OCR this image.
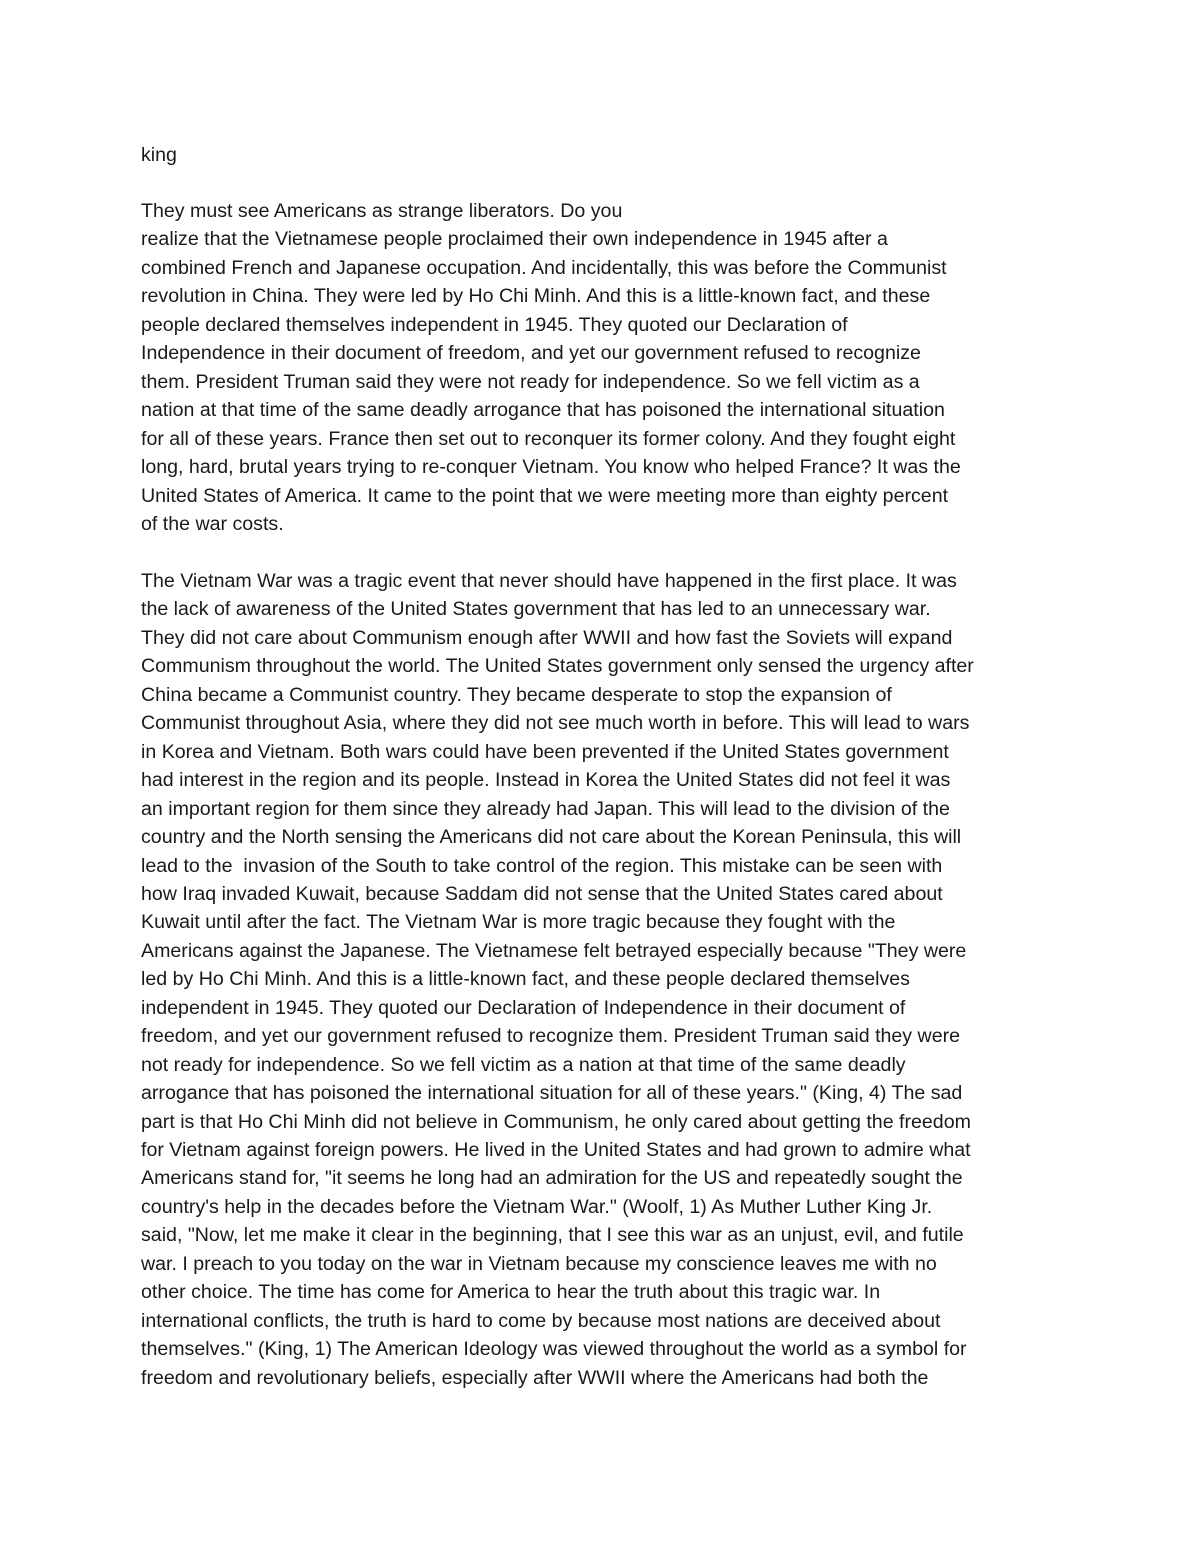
king
They must see Americans as strange liberators. Do you
realize that the Vietnamese people proclaimed their own independence in 1945 after a
combined French and Japanese occupation. And incidentally, this was before the Communist
revolution in China. They were led by Ho Chi Minh. And this is a little-known fact, and these
people declared themselves independent in 1945. They quoted our Declaration of
Independence in their document of freedom, and yet our government refused to recognize
them. President Truman said they were not ready for independence. So we fell victim as a
nation at that time of the same deadly arrogance that has poisoned the international situation
for all of these years. France then set out to reconquer its former colony. And they fought eight
long, hard, brutal years trying to re-conquer Vietnam. You know who helped France? It was the
United States of America. It came to the point that we were meeting more than eighty percent
of the war costs.
The Vietnam War was a tragic event that never should have happened in the first place. It was
the lack of awareness of the United States government that has led to an unnecessary war.
They did not care about Communism enough after WWII and how fast the Soviets will expand
Communism throughout the world. The United States government only sensed the urgency after
China became a Communist country. They became desperate to stop the expansion of
Communist throughout Asia, where they did not see much worth in before. This will lead to wars
in Korea and Vietnam. Both wars could have been prevented if the United States government
had interest in the region and its people. Instead in Korea the United States did not feel it was
an important region for them since they already had Japan. This will lead to the division of the
country and the North sensing the Americans did not care about the Korean Peninsula, this will
lead to the  invasion of the South to take control of the region. This mistake can be seen with
how Iraq invaded Kuwait, because Saddam did not sense that the United States cared about
Kuwait until after the fact. The Vietnam War is more tragic because they fought with the
Americans against the Japanese. The Vietnamese felt betrayed especially because "They were
led by Ho Chi Minh. And this is a little-known fact, and these people declared themselves
independent in 1945. They quoted our Declaration of Independence in their document of
freedom, and yet our government refused to recognize them. President Truman said they were
not ready for independence. So we fell victim as a nation at that time of the same deadly
arrogance that has poisoned the international situation for all of these years." (King, 4) The sad
part is that Ho Chi Minh did not believe in Communism, he only cared about getting the freedom
for Vietnam against foreign powers. He lived in the United States and had grown to admire what
Americans stand for, "it seems he long had an admiration for the US and repeatedly sought the
country's help in the decades before the Vietnam War." (Woolf, 1) As Muther Luther King Jr.
said, "Now, let me make it clear in the beginning, that I see this war as an unjust, evil, and futile
war. I preach to you today on the war in Vietnam because my conscience leaves me with no
other choice. The time has come for America to hear the truth about this tragic war. In
international conflicts, the truth is hard to come by because most nations are deceived about
themselves." (King, 1) The American Ideology was viewed throughout the world as a symbol for
freedom and revolutionary beliefs, especially after WWII where the Americans had both the
